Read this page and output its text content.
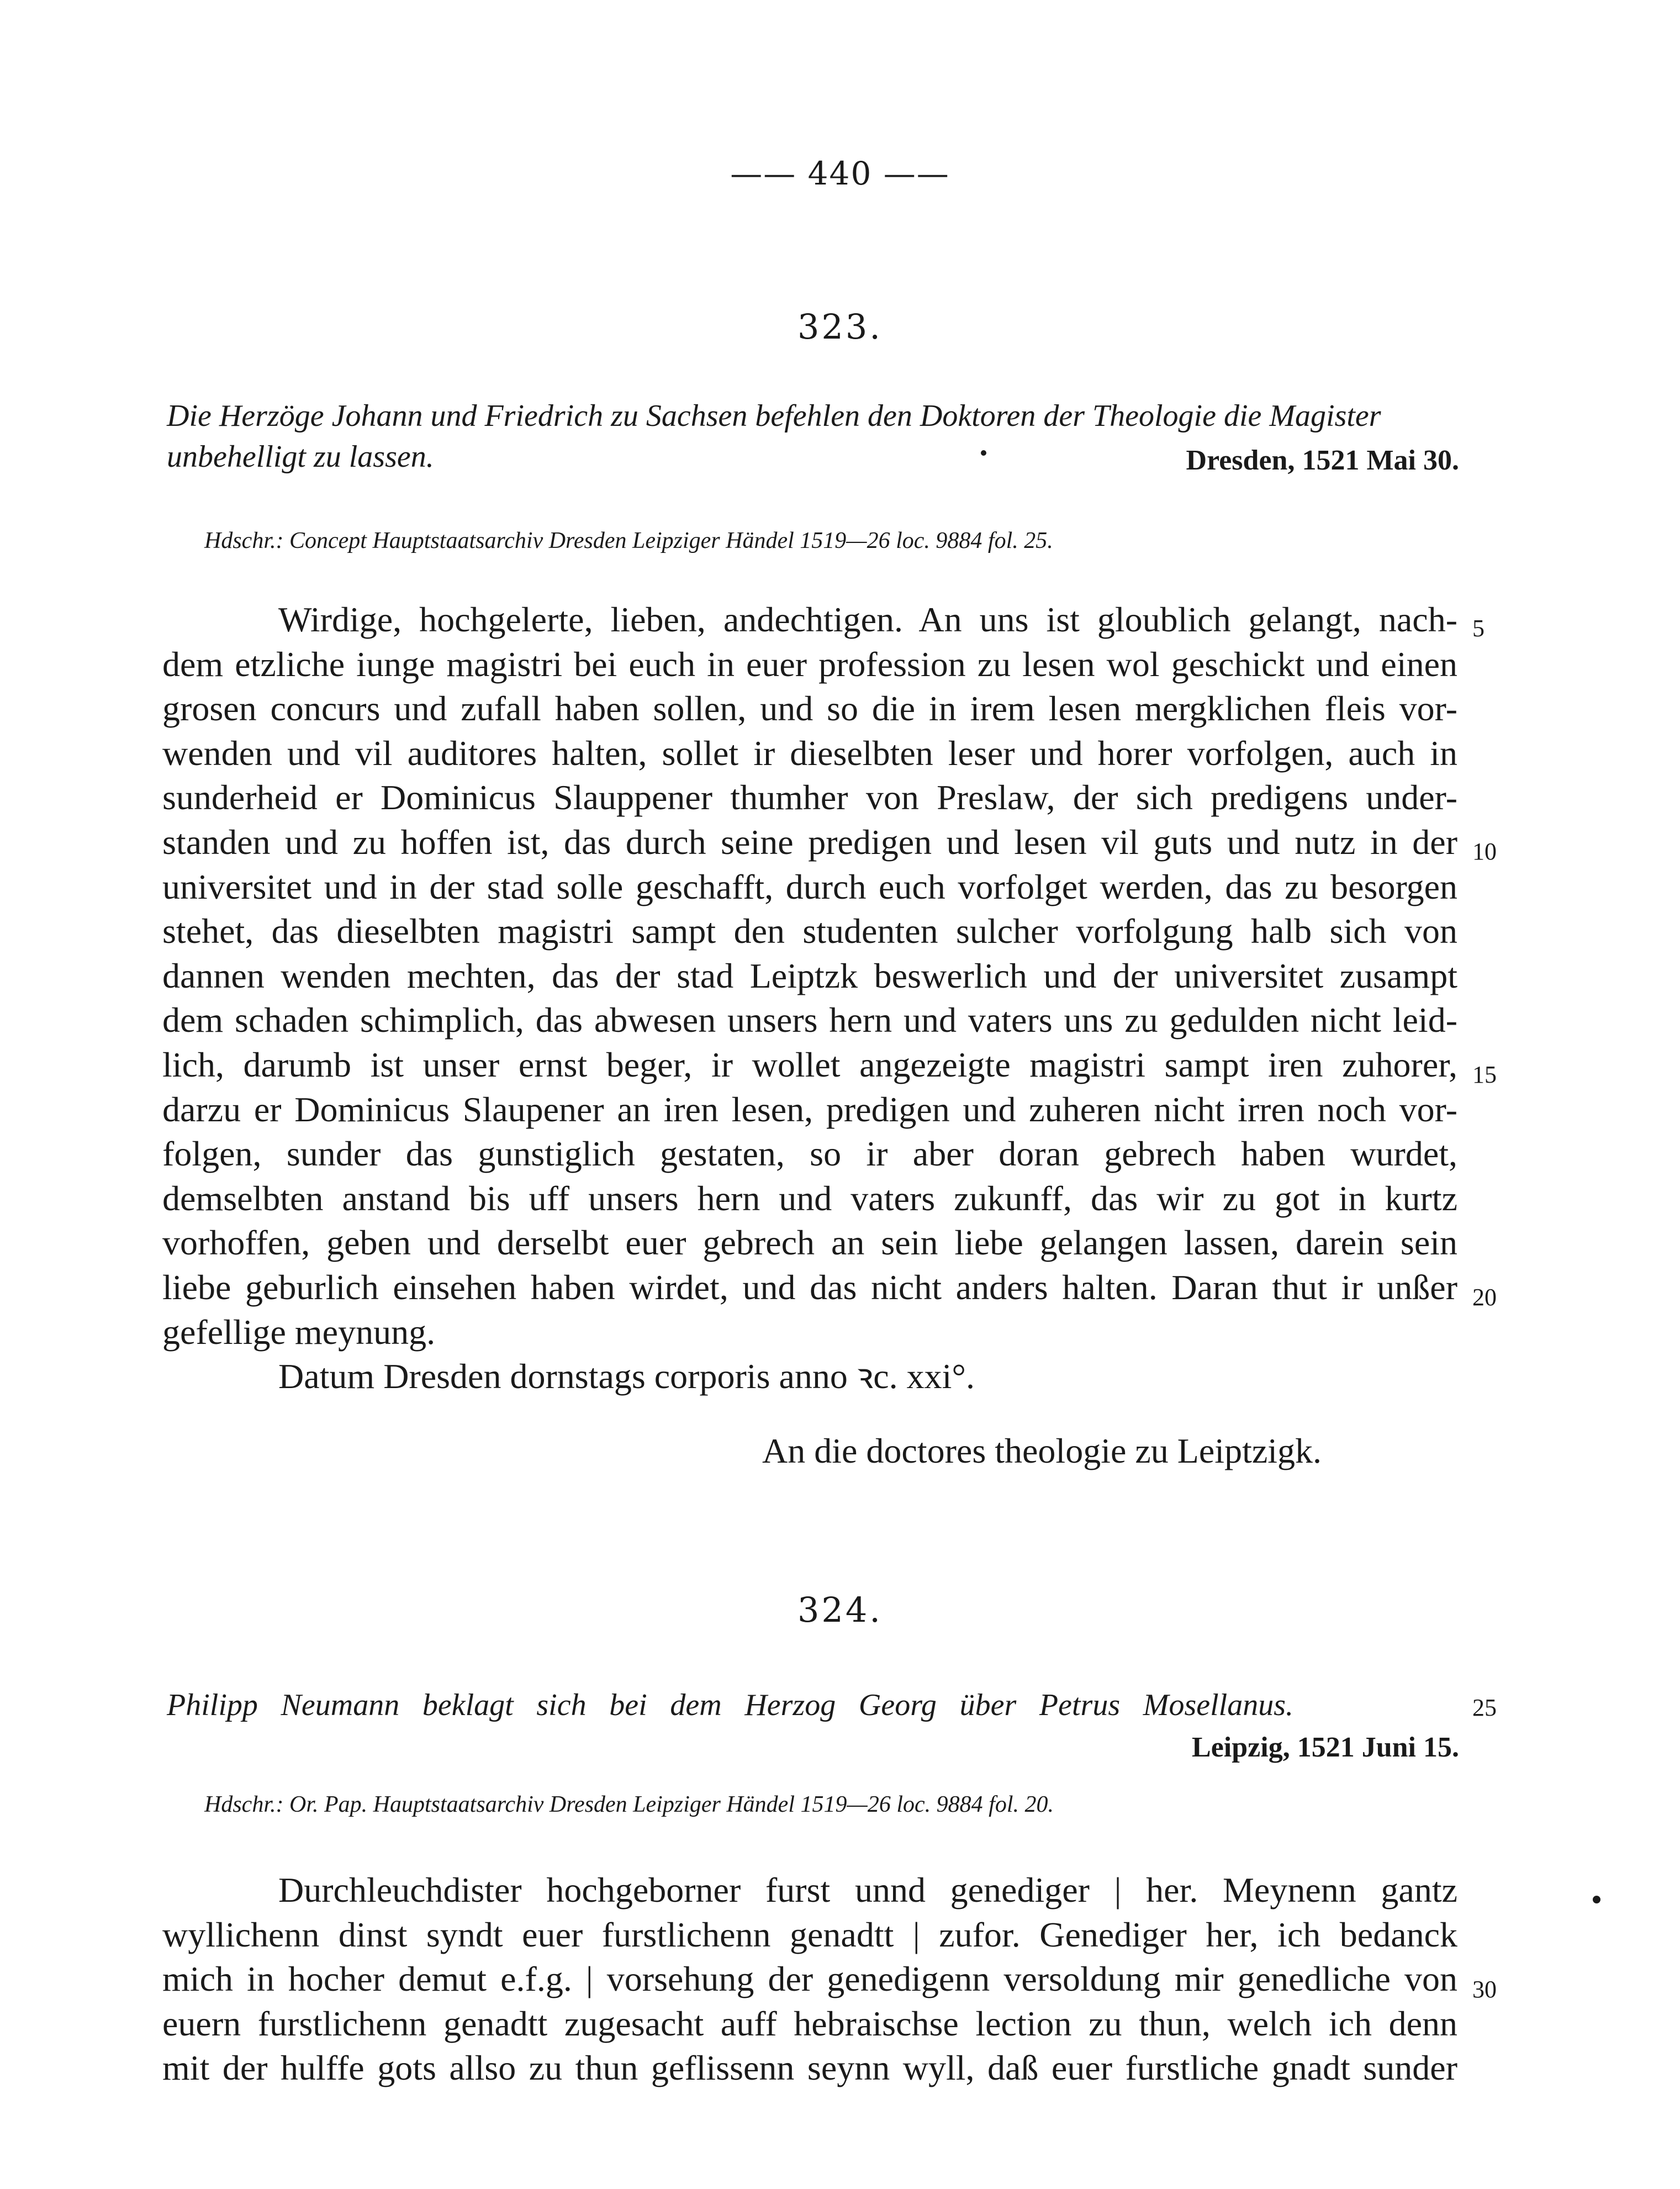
—— 440 ——
323.
Die Herzöge Johann und Friedrich zu Sachsen befehlen den Doktoren der Theologie die Magister unbehelligt zu lassen.	Dresden, 1521 Mai 30.
Hdschr.: Concept Hauptstaatsarchiv Dresden Leipziger Händel 1519—26 loc. 9884 fol. 25.
Wirdige, hochgelerte, lieben, andechtigen. An uns ist gloublich gelangt, nach-
dem etzliche iunge magistri bei euch in euer profession zu lesen wol geschickt und einen
grosen concurs und zufall haben sollen, und so die in irem lesen mergklichen fleis vor-
wenden und vil auditores halten, sollet ir dieselbten leser und horer vorfolgen, auch in
sunderheid er Dominicus Slauppener thumher von Preslaw, der sich predigens under-
standen und zu hoffen ist, das durch seine predigen und lesen vil guts und nutz in der
universitet und in der stad solle geschafft, durch euch vorfolget werden, das zu besorgen
stehet, das dieselbten magistri sampt den studenten sulcher vorfolgung halb sich von
dannen wenden mechten, das der stad Leiptzk beswerlich und der universitet zusampt
dem schaden schimplich, das abwesen unsers hern und vaters uns zu gedulden nicht leid-
lich, darumb ist unser ernst beger, ir wollet angezeigte magistri sampt iren zuhorer,
darzu er Dominicus Slaupener an iren lesen, predigen und zuheren nicht irren noch vor-
folgen, sunder das gunstiglich gestaten, so ir aber doran gebrech haben wurdet,
demselbten anstand bis uff unsers hern und vaters zukunff, das wir zu got in kurtz
vorhoffen, geben und derselbt euer gebrech an sein liebe gelangen lassen, darein sein
liebe geburlich einsehen haben wirdet, und das nicht anders halten. Daran thut ir unßer
gefellige meynung.
Datum Dresden dornstags corporis anno ꝛc. xxi°.
An die doctores theologie zu Leiptzigk.
324.
Philipp Neumann beklagt sich bei dem Herzog Georg über Petrus Mosellanus.
Leipzig, 1521 Juni 15.
Hdschr.: Or. Pap. Hauptstaatsarchiv Dresden Leipziger Händel 1519—26 loc. 9884 fol. 20.
Durchleuchdister hochgeborner furst unnd genediger | her. Meynenn gantz
wyllichenn dinst syndt euer furstlichenn genadtt | zufor. Genediger her, ich bedanck
mich in hocher demut e.f.g. | vorsehung der genedigenn versoldung mir genedliche von
euern furstlichenn genadtt zugesacht auff hebraischse lection zu thun, welch ich denn
mit der hulffe gots allso zu thun geflissenn seynn wyll, daß euer furstliche gnadt sunder
5
10
15
20
25
30
